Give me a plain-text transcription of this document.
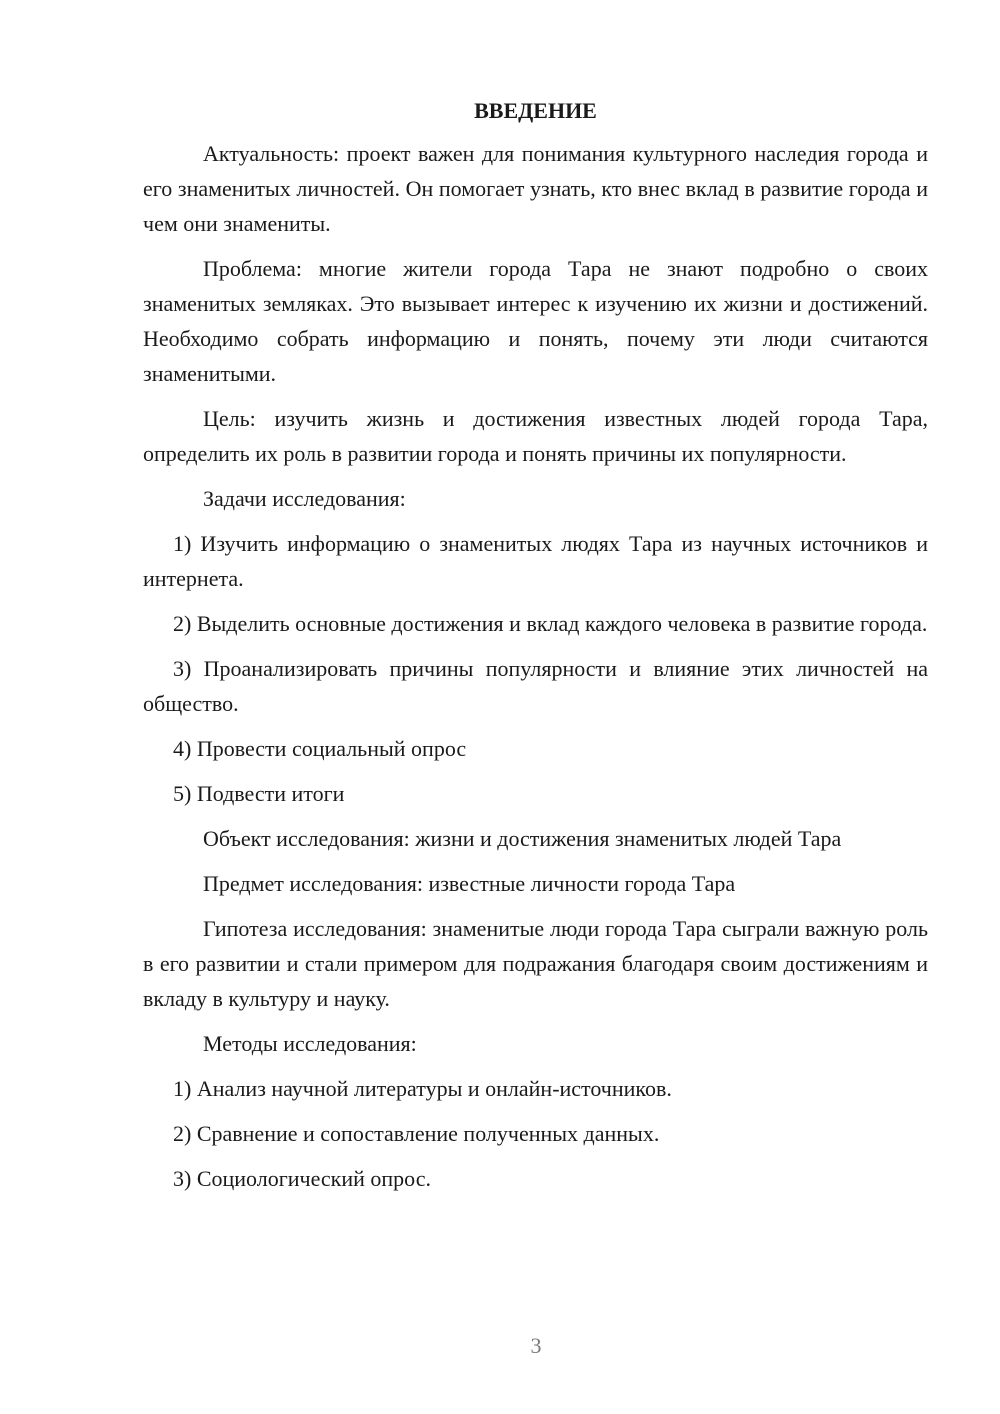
ВВЕДЕНИЕ
Актуальность: проект важен для понимания культурного наследия города и его знаменитых личностей. Он помогает узнать, кто внес вклад в развитие города и чем они знамениты.
Проблема: многие жители города Тара не знают подробно о своих знаменитых земляках. Это вызывает интерес к изучению их жизни и достижений. Необходимо собрать информацию и понять, почему эти люди считаются знаменитыми.
Цель: изучить жизнь и достижения известных людей города Тара, определить их роль в развитии города и понять причины их популярности.
Задачи исследования:
1) Изучить информацию о знаменитых людях Тара из научных источников и интернета.
2) Выделить основные достижения и вклад каждого человека в развитие города.
3) Проанализировать причины популярности и влияние этих личностей на общество.
4) Провести социальный опрос
5) Подвести итоги
Объект исследования: жизни и достижения знаменитых людей Тара
Предмет исследования: известные личности города Тара
Гипотеза исследования: знаменитые люди города Тара сыграли важную роль в его развитии и стали примером для подражания благодаря своим достижениям и вкладу в культуру и науку.
Методы исследования:
1) Анализ научной литературы и онлайн-источников.
2) Сравнение и сопоставление полученных данных.
3) Социологический опрос.
3
